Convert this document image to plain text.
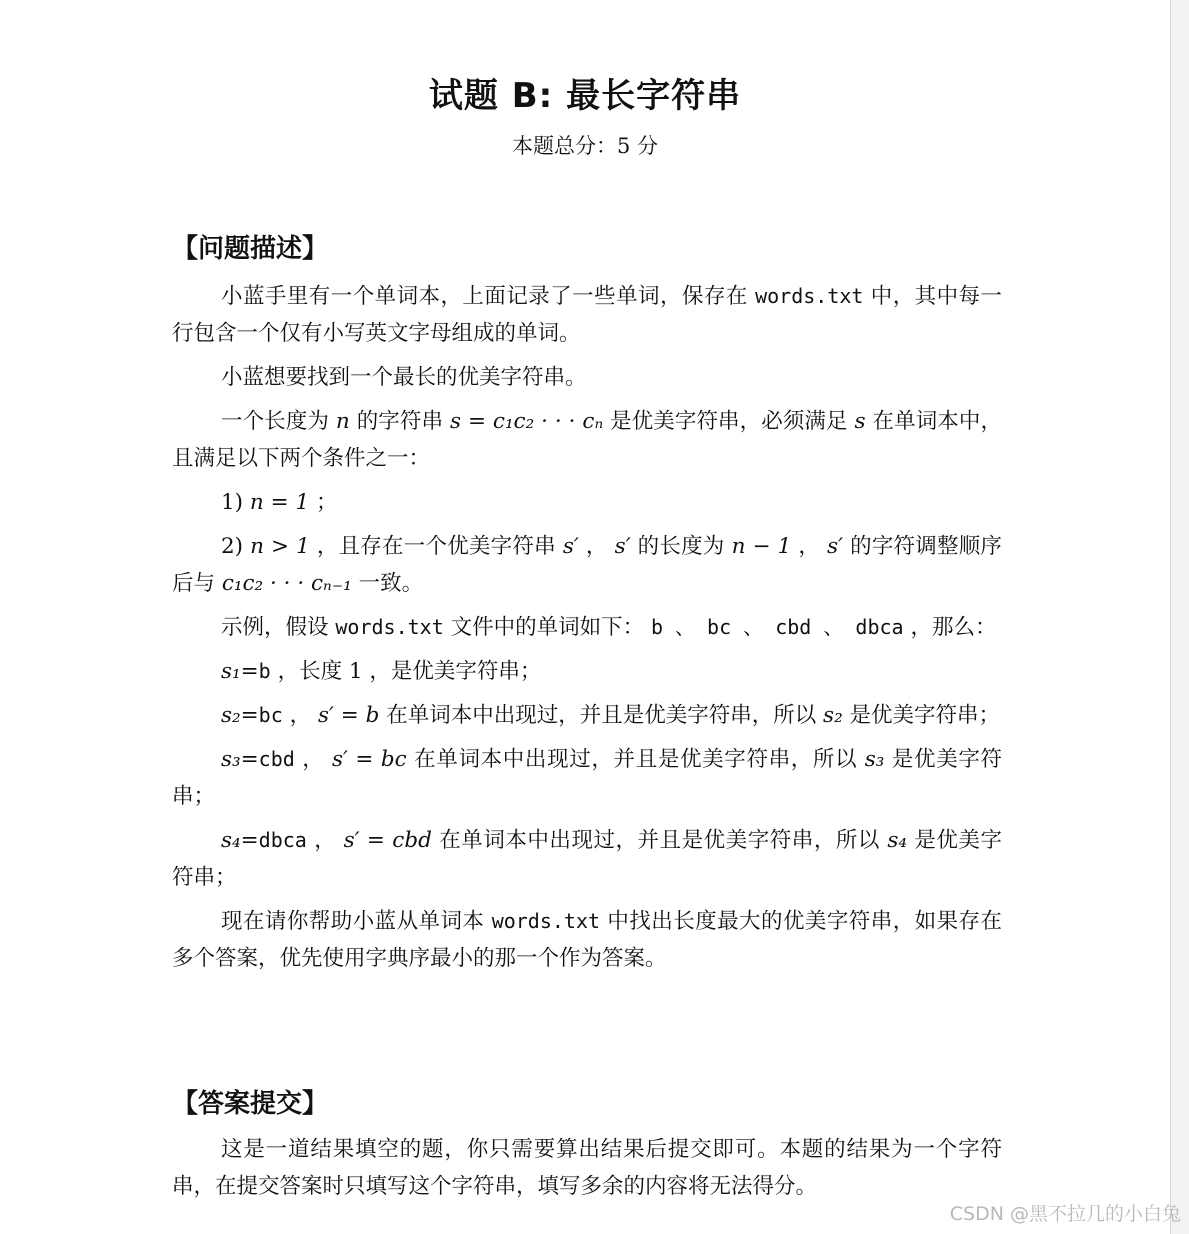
试题 B: 最长字符串
本题总分：5 分
【问题描述】

小蓝手里有一个单词本，上面记录了一些单词，保存在 words.txt 中，其中每一行包含一个仅有小写英文字母组成的单词。

小蓝想要找到一个最长的优美字符串。

一个长度为 n 的字符串 s = c₁c₂ · · · cₙ 是优美字符串，必须满足 s 在单词本中，且满足以下两个条件之一：

1) n = 1 ；

2) n > 1 ，且存在一个优美字符串 s′ ， s′ 的长度为 n − 1 ， s′ 的字符调整顺序后与 c₁c₂ · · · cₙ₋₁ 一致。

示例，假设 words.txt 文件中的单词如下： b 、 bc 、 cbd 、 dbca ，那么：

s₁=b ，长度 1 ，是优美字符串；

s₂=bc ， s′ = b 在单词本中出现过，并且是优美字符串，所以 s₂ 是优美字符串；

s₃=cbd ， s′ = bc 在单词本中出现过，并且是优美字符串，所以 s₃ 是优美字符串；

s₄=dbca ， s′ = cbd 在单词本中出现过，并且是优美字符串，所以 s₄ 是优美字符串；

现在请你帮助小蓝从单词本 words.txt 中找出长度最大的优美字符串，如果存在多个答案，优先使用字典序最小的那一个作为答案。

【答案提交】

这是一道结果填空的题，你只需要算出结果后提交即可。本题的结果为一个字符串，在提交答案时只填写这个字符串，填写多余的内容将无法得分。

CSDN @黑不拉几的小白兔
